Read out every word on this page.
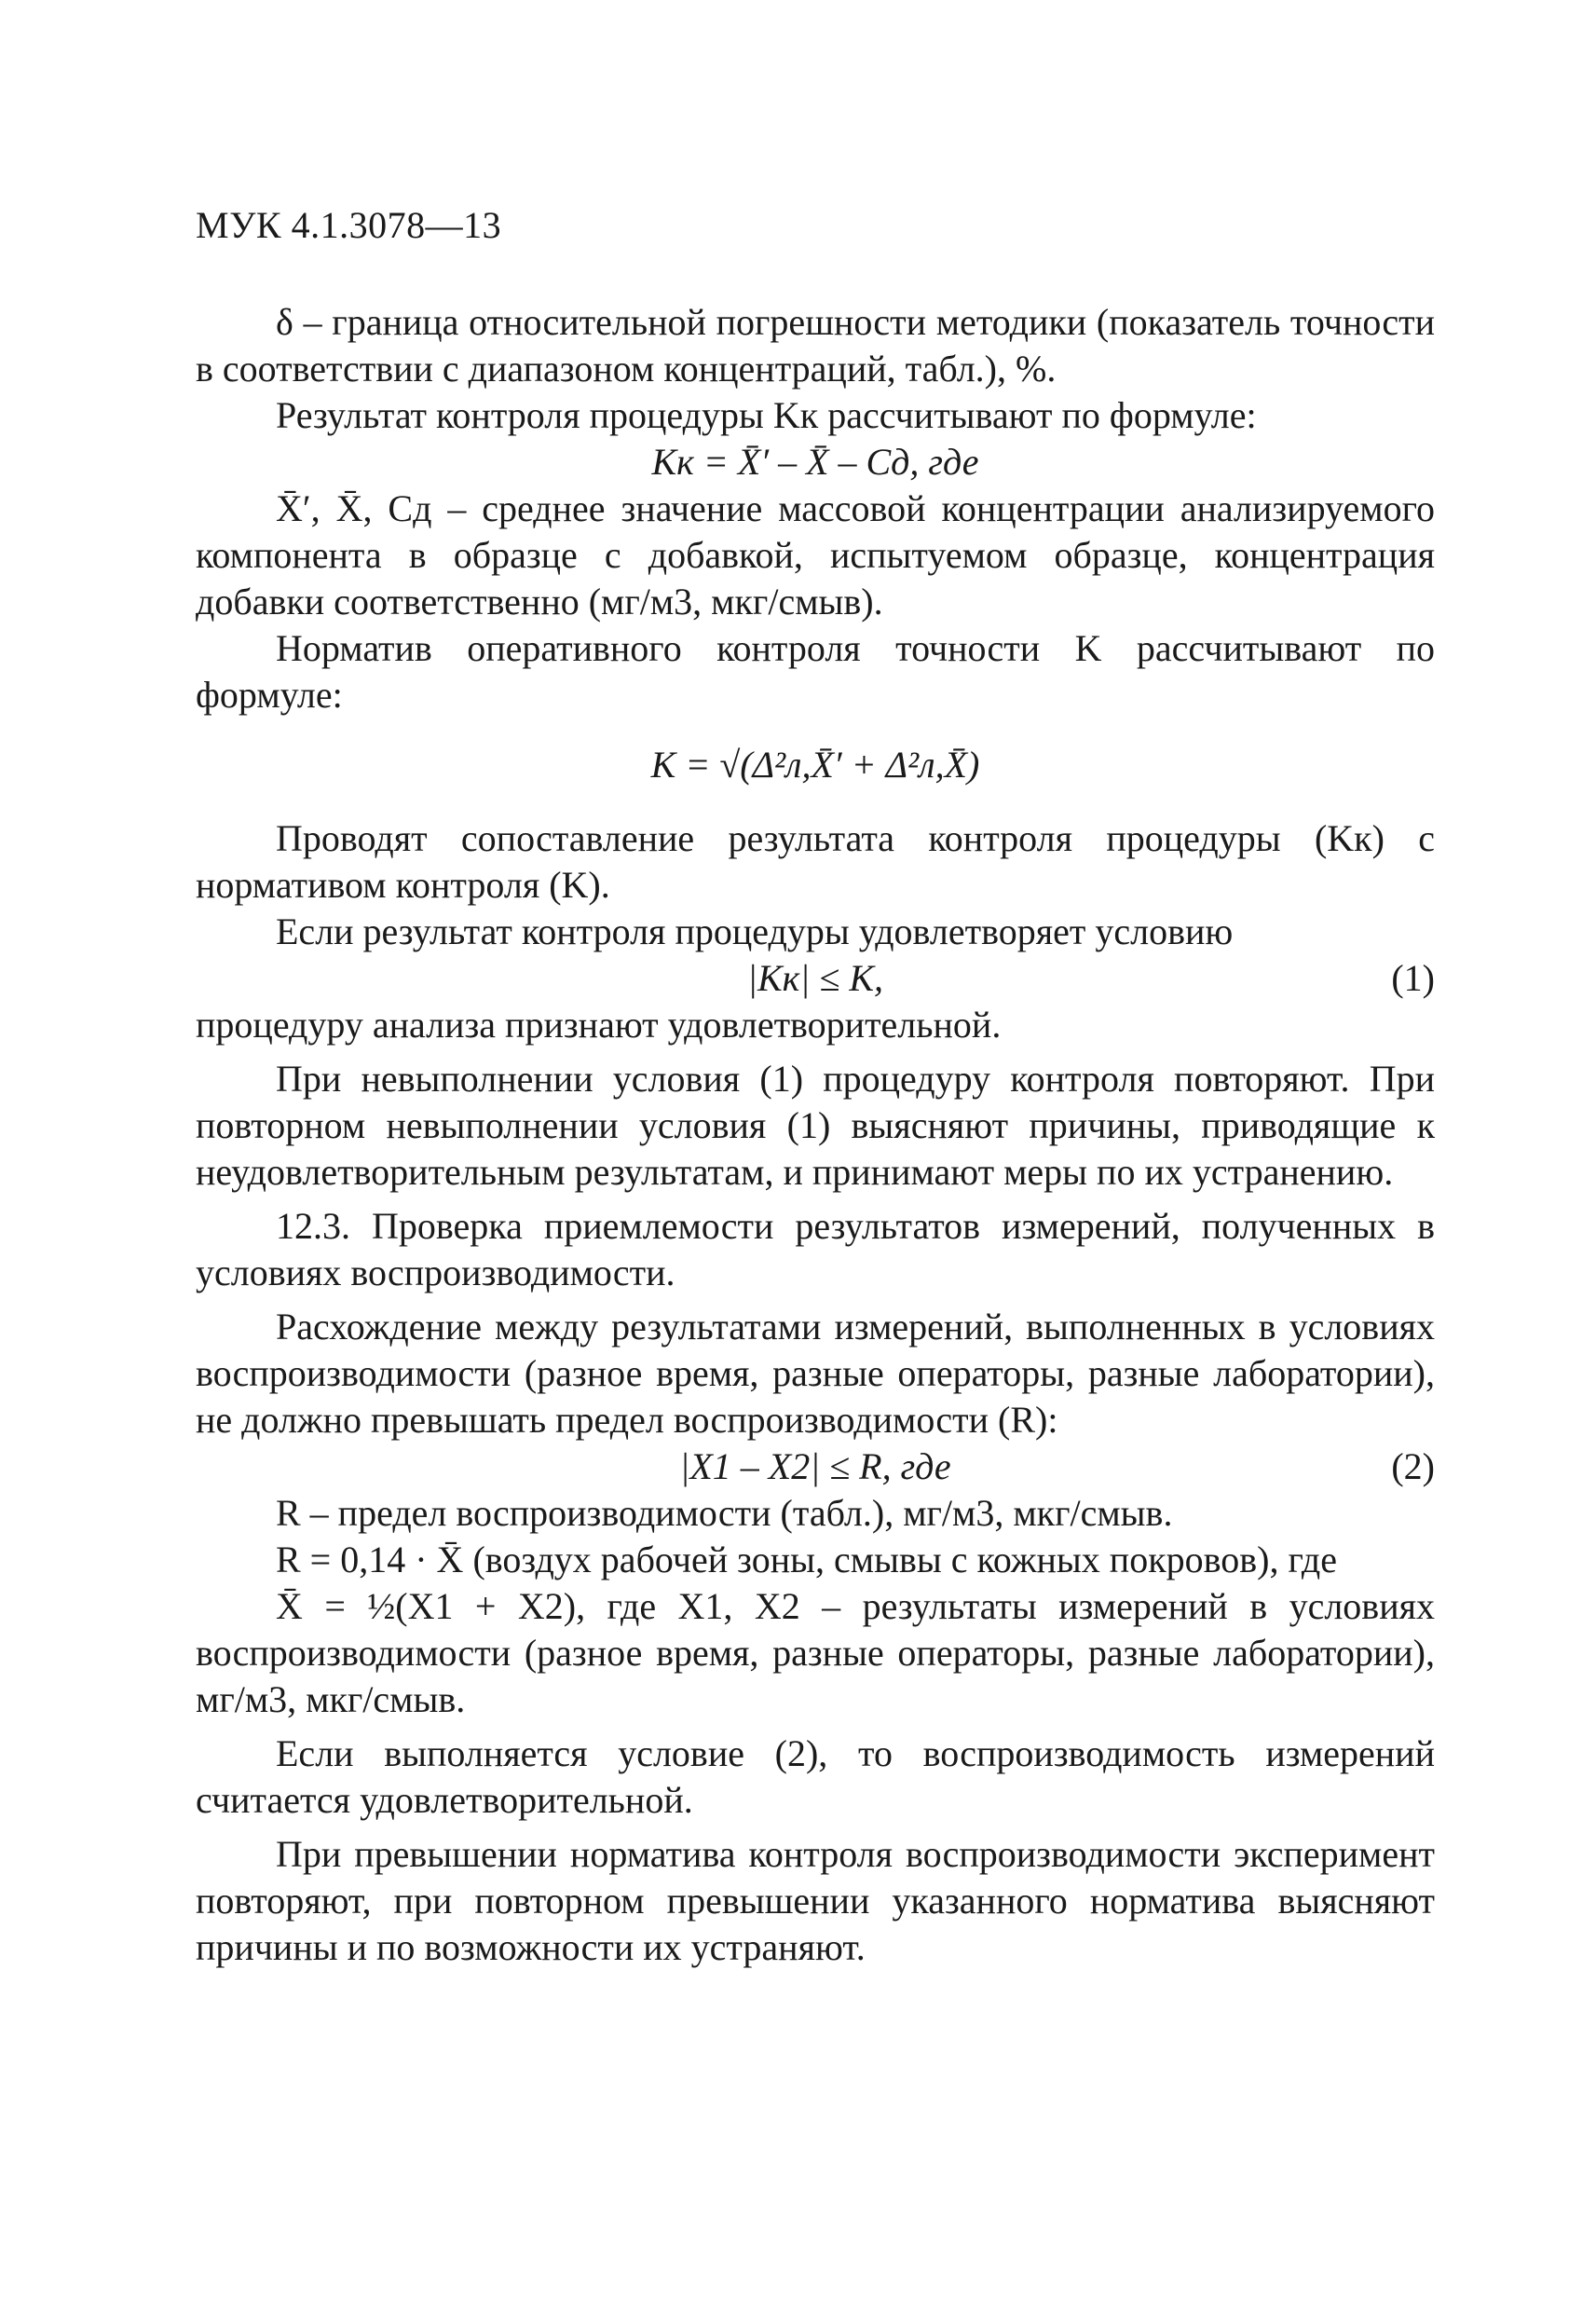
МУК 4.1.3078—13

δ – граница относительной погрешности методики (показатель точности в соответствии с диапазоном концентраций, табл.), %.

Результат контроля процедуры Kк рассчитывают по формуле:

Kк = X̄′ – X̄ – Cд, где

X̄′, X̄, Cд – среднее значение массовой концентрации анализируемого компонента в образце с добавкой, испытуемом образце, концентрация добавки соответственно (мг/м3, мкг/смыв).

Норматив оперативного контроля точности K рассчитывают по формуле:

K = √(Δ²л,X̄′ + Δ²л,X̄)

Проводят сопоставление результата контроля процедуры (Kк) с нормативом контроля (K).

Если результат контроля процедуры удовлетворяет условию

|Kк| ≤ K,	(1)

процедуру анализа признают удовлетворительной.

При невыполнении условия (1) процедуру контроля повторяют. При повторном невыполнении условия (1) выясняют причины, приводящие к неудовлетворительным результатам, и принимают меры по их устранению.

12.3. Проверка приемлемости результатов измерений, полученных в условиях воспроизводимости.

Расхождение между результатами измерений, выполненных в условиях воспроизводимости (разное время, разные операторы, разные лаборатории), не должно превышать предел воспроизводимости (R):

|X1 – X2| ≤ R, где	(2)

R – предел воспроизводимости (табл.), мг/м3, мкг/смыв.

R = 0,14 · X̄ (воздух рабочей зоны, смывы с кожных покровов), где

X̄ = ½(X1 + X2), где X1, X2 – результаты измерений в условиях воспроизводимости (разное время, разные операторы, разные лаборатории), мг/м3, мкг/смыв.

Если выполняется условие (2), то воспроизводимость измерений считается удовлетворительной.

При превышении норматива контроля воспроизводимости эксперимент повторяют, при повторном превышении указанного норматива выясняют причины и по возможности их устраняют.
